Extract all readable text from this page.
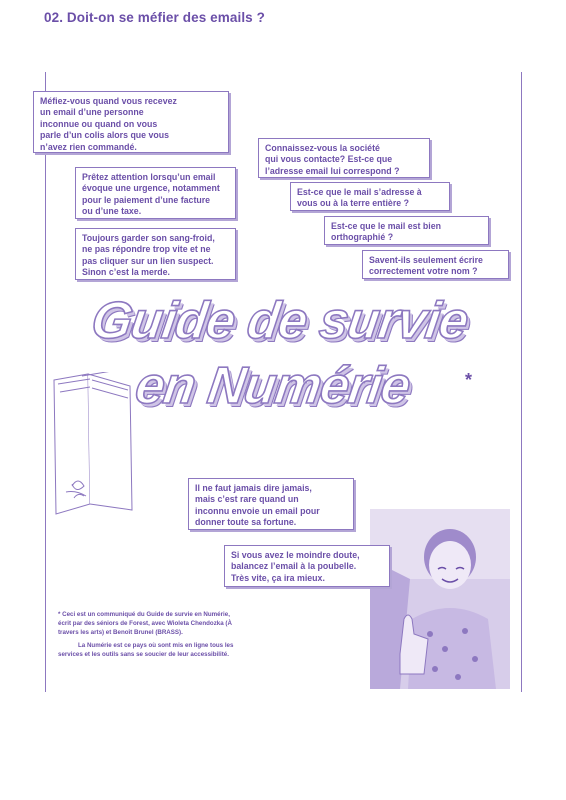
02. Doit-on se méfier des emails ?
Méfiez-vous quand vous recevez
un email d’une personne
inconnue ou quand on vous
parle d’un colis alors que vous
n’avez rien commandé.
Prêtez attention lorsqu’un email
évoque une urgence, notamment
pour le paiement d’une facture
ou d’une taxe.
Toujours garder son sang-froid,
ne pas répondre trop vite et ne
pas cliquer sur un lien suspect.
Sinon c’est la merde.
Connaissez-vous la société
qui vous contacte? Est-ce que
l’adresse email lui correspond ?
Est-ce que le mail s’adresse à
vous ou à la terre entière ?
Est-ce que le mail est bien
orthographié ?
Savent-ils seulement écrire
correctement votre nom ?
Guide de survie
en Numérie	*
Il ne faut jamais dire jamais,
mais c’est rare quand un
inconnu envoie un email pour
donner toute sa fortune.
Si vous avez le moindre doute,
balancez l’email à la poubelle.
Très vite, ça ira mieux.

* Ceci est un communiqué du Guide de survie en Numérie, écrit par des séniors de Forest, avec Wioleta Chendozka (À travers les arts) et Benoît Brunel (BRASS).

La Numérie est ce pays où sont mis en ligne tous les services et les outils sans se soucier de leur accessibilité.
